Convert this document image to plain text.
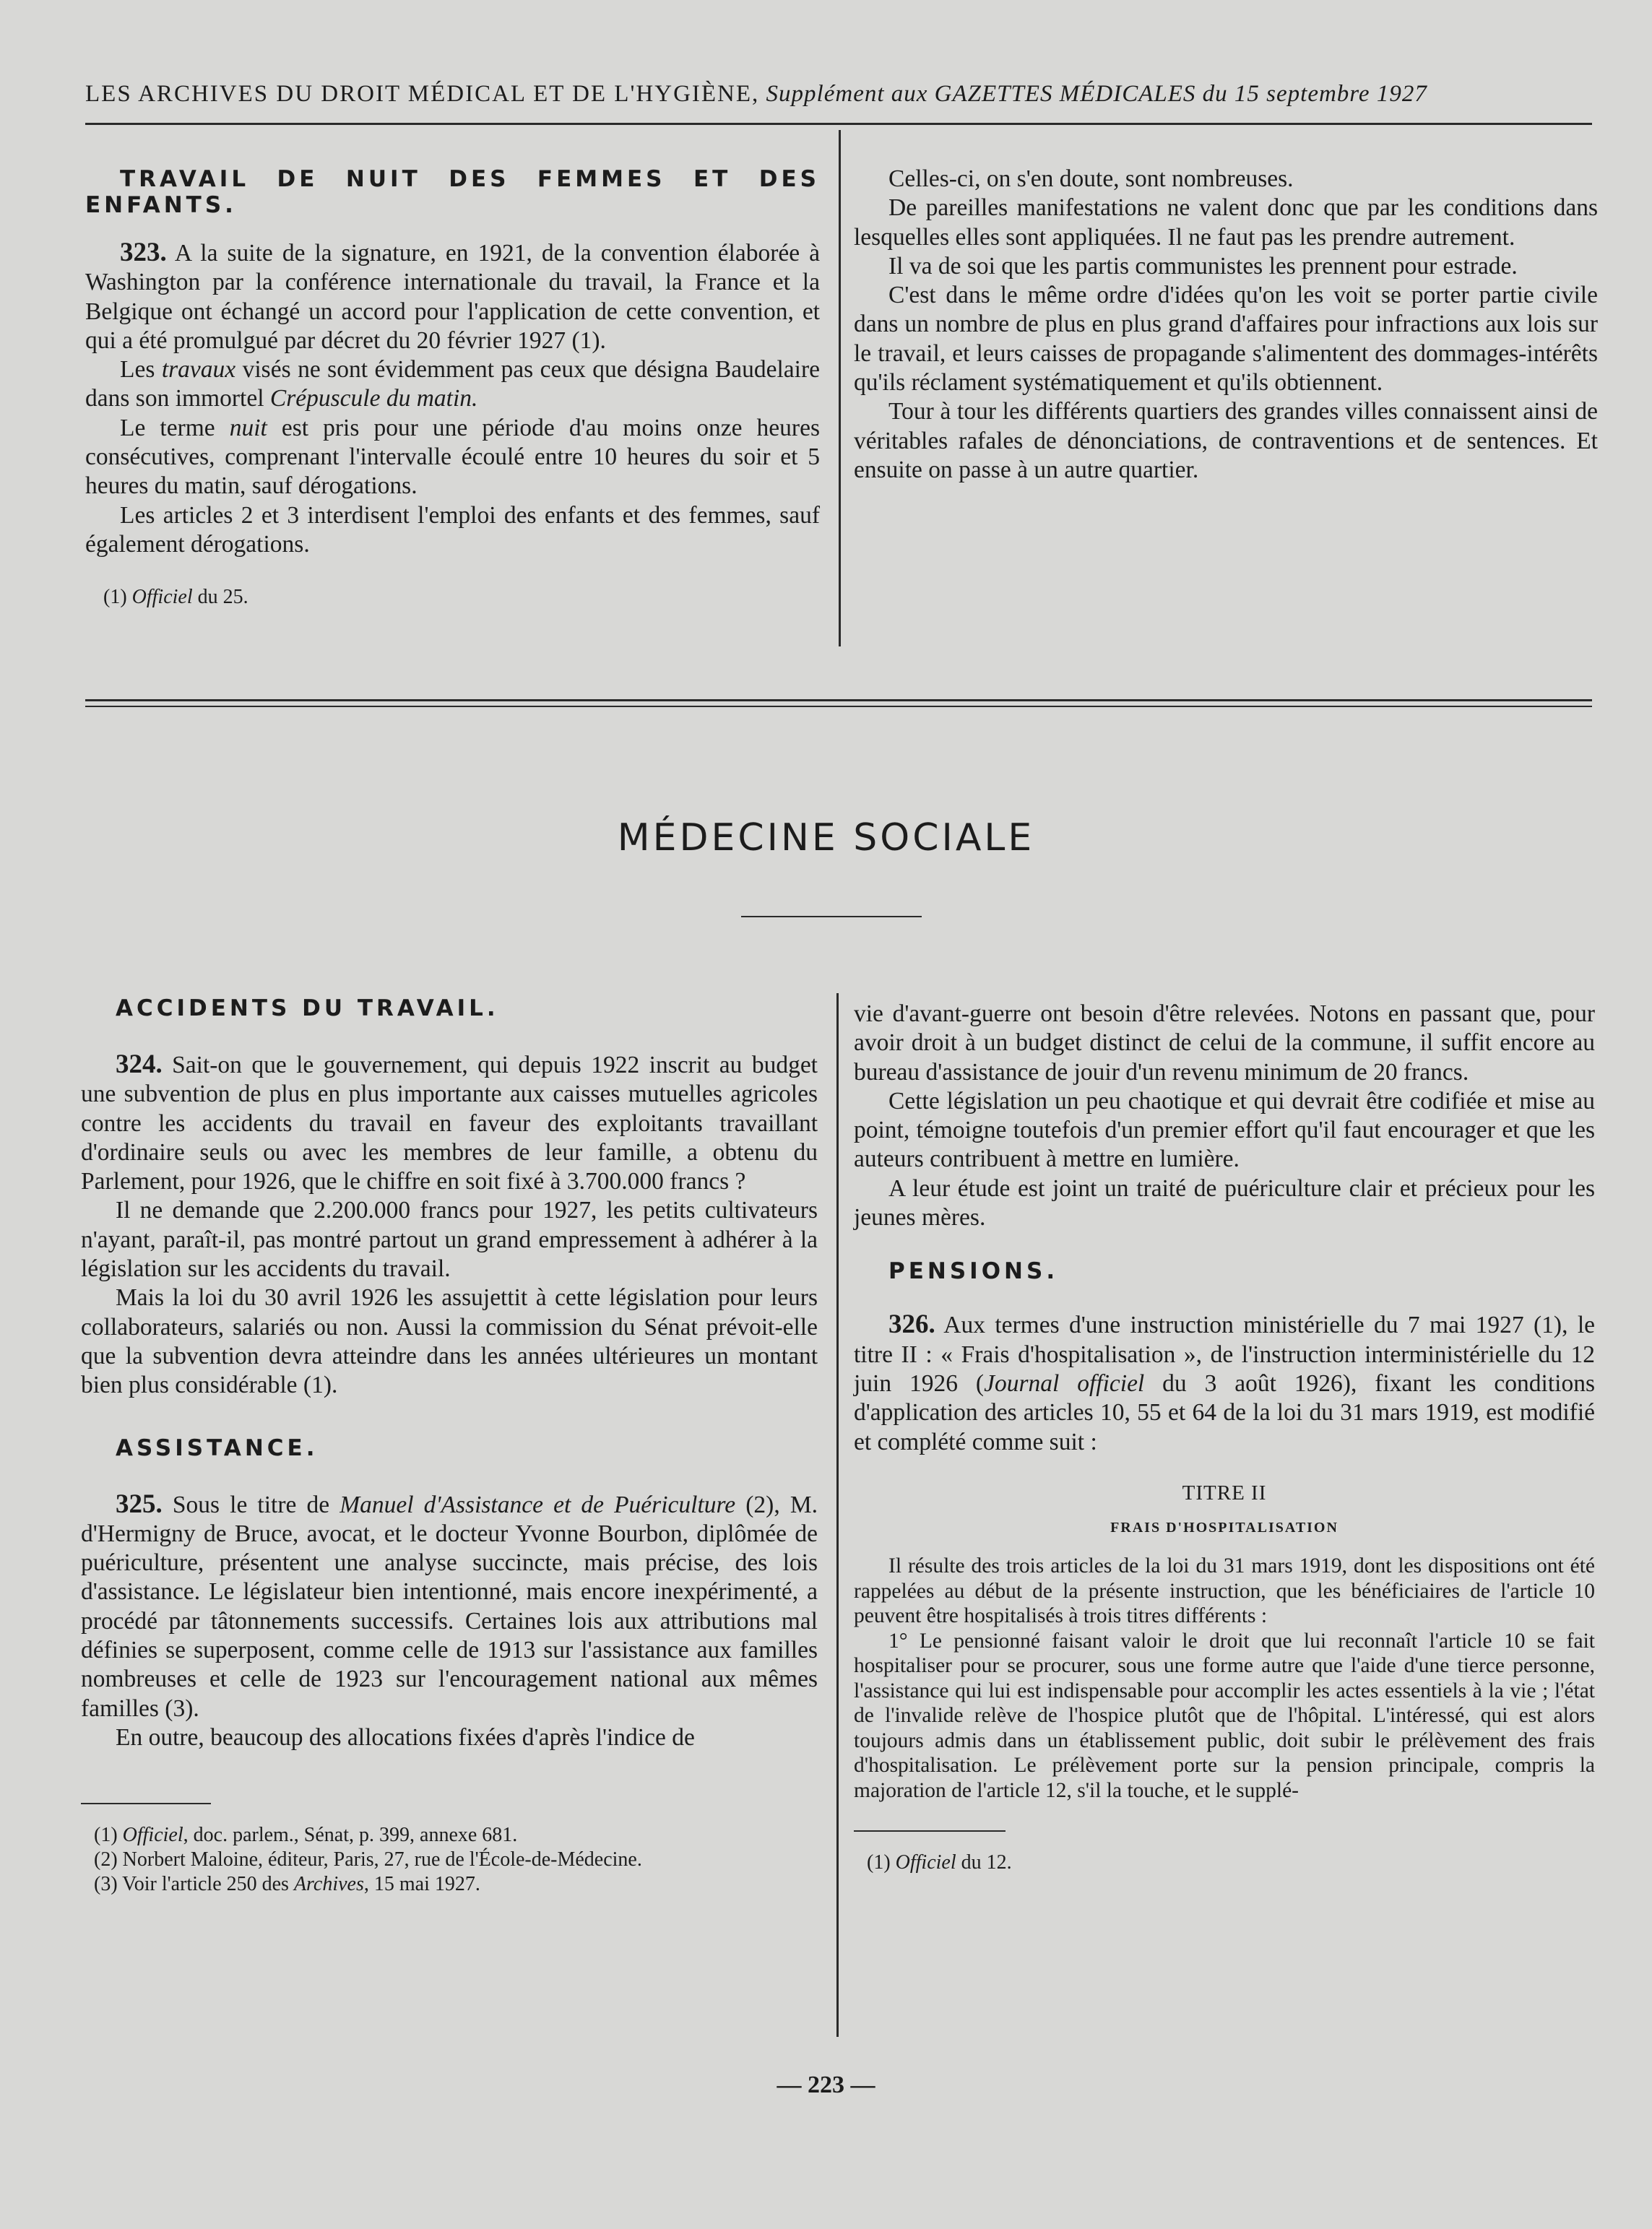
LES ARCHIVES DU DROIT MÉDICAL ET DE L'HYGIÈNE, Supplément aux GAZETTES MÉDICALES du 15 septembre 1927

TRAVAIL DE NUIT DES FEMMES ET DES ENFANTS.

323. A la suite de la signature, en 1921, de la convention élaborée à Washington par la conférence internationale du travail, la France et la Belgique ont échangé un accord pour l'application de cette convention, et qui a été promulgué par décret du 20 février 1927 (1).

Les travaux visés ne sont évidemment pas ceux que désigna Baudelaire dans son immortel Crépuscule du matin.

Le terme nuit est pris pour une période d'au moins onze heures consécutives, comprenant l'intervalle écoulé entre 10 heures du soir et 5 heures du matin, sauf dérogations.

Les articles 2 et 3 interdisent l'emploi des enfants et des femmes, sauf également dérogations.

(1) Officiel du 25.

Celles-ci, on s'en doute, sont nombreuses.

De pareilles manifestations ne valent donc que par les conditions dans lesquelles elles sont appliquées. Il ne faut pas les prendre autrement.

Il va de soi que les partis communistes les prennent pour estrade.

C'est dans le même ordre d'idées qu'on les voit se porter partie civile dans un nombre de plus en plus grand d'affaires pour infractions aux lois sur le travail, et leurs caisses de propagande s'alimentent des dommages-intérêts qu'ils réclament systématiquement et qu'ils obtiennent.

Tour à tour les différents quartiers des grandes villes connaissent ainsi de véritables rafales de dénonciations, de contraventions et de sentences. Et ensuite on passe à un autre quartier.

MÉDECINE SOCIALE

ACCIDENTS DU TRAVAIL.

324. Sait-on que le gouvernement, qui depuis 1922 inscrit au budget une subvention de plus en plus importante aux caisses mutuelles agricoles contre les accidents du travail en faveur des exploitants travaillant d'ordinaire seuls ou avec les membres de leur famille, a obtenu du Parlement, pour 1926, que le chiffre en soit fixé à 3.700.000 francs ?

Il ne demande que 2.200.000 francs pour 1927, les petits cultivateurs n'ayant, paraît-il, pas montré partout un grand empressement à adhérer à la législation sur les accidents du travail.

Mais la loi du 30 avril 1926 les assujettit à cette législation pour leurs collaborateurs, salariés ou non. Aussi la commission du Sénat prévoit-elle que la subvention devra atteindre dans les années ultérieures un montant bien plus considérable (1).

ASSISTANCE.

325. Sous le titre de Manuel d'Assistance et de Puériculture (2), M. d'Hermigny de Bruce, avocat, et le docteur Yvonne Bourbon, diplômée de puériculture, présentent une analyse succincte, mais précise, des lois d'assistance. Le législateur bien intentionné, mais encore inexpérimenté, a procédé par tâtonnements successifs. Certaines lois aux attributions mal définies se superposent, comme celle de 1913 sur l'assistance aux familles nombreuses et celle de 1923 sur l'encouragement national aux mêmes familles (3).

En outre, beaucoup des allocations fixées d'après l'indice de

(1) Officiel, doc. parlem., Sénat, p. 399, annexe 681.

(2) Norbert Maloine, éditeur, Paris, 27, rue de l'École-de-Médecine.

(3) Voir l'article 250 des Archives, 15 mai 1927.

vie d'avant-guerre ont besoin d'être relevées. Notons en passant que, pour avoir droit à un budget distinct de celui de la commune, il suffit encore au bureau d'assistance de jouir d'un revenu minimum de 20 francs.

Cette législation un peu chaotique et qui devrait être codifiée et mise au point, témoigne toutefois d'un premier effort qu'il faut encourager et que les auteurs contribuent à mettre en lumière.

A leur étude est joint un traité de puériculture clair et précieux pour les jeunes mères.

PENSIONS.

326. Aux termes d'une instruction ministérielle du 7 mai 1927 (1), le titre II : « Frais d'hospitalisation », de l'instruction interministérielle du 12 juin 1926 (Journal officiel du 3 août 1926), fixant les conditions d'application des articles 10, 55 et 64 de la loi du 31 mars 1919, est modifié et complété comme suit :

TITRE II

FRAIS D'HOSPITALISATION

Il résulte des trois articles de la loi du 31 mars 1919, dont les dispositions ont été rappelées au début de la présente instruction, que les bénéficiaires de l'article 10 peuvent être hospitalisés à trois titres différents :

1° Le pensionné faisant valoir le droit que lui reconnaît l'article 10 se fait hospitaliser pour se procurer, sous une forme autre que l'aide d'une tierce personne, l'assistance qui lui est indispensable pour accomplir les actes essentiels à la vie ; l'état de l'invalide relève de l'hospice plutôt que de l'hôpital. L'intéressé, qui est alors toujours admis dans un établissement public, doit subir le prélèvement des frais d'hospitalisation. Le prélèvement porte sur la pension principale, compris la majoration de l'article 12, s'il la touche, et le supplé-

(1) Officiel du 12.

— 223 —
